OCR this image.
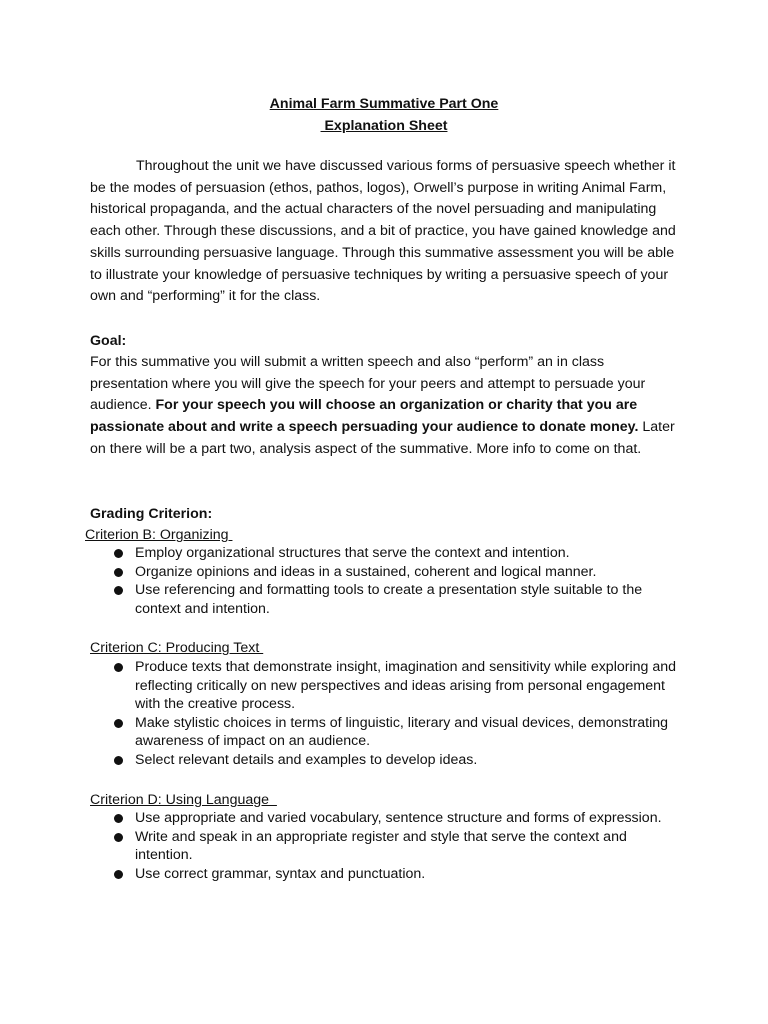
Animal Farm Summative Part One
Explanation Sheet

Throughout the unit we have discussed various forms of persuasive speech whether it be the modes of persuasion (ethos, pathos, logos), Orwell’s purpose in writing Animal Farm, historical propaganda, and the actual characters of the novel persuading and manipulating each other. Through these discussions, and a bit of practice, you have gained knowledge and skills surrounding persuasive language. Through this summative assessment you will be able to illustrate your knowledge of persuasive techniques by writing a persuasive speech of your own and “performing” it for the class.

Goal:

For this summative you will submit a written speech and also “perform” an in class presentation where you will give the speech for your peers and attempt to persuade your audience. For your speech you will choose an organization or charity that you are passionate about and write a speech persuading your audience to donate money. Later on there will be a part two, analysis aspect of the summative. More info to come on that.

Grading Criterion:

Criterion B: Organizing

Employ organizational structures that serve the context and intention.
Organize opinions and ideas in a sustained, coherent and logical manner.
Use referencing and formatting tools to create a presentation style suitable to the context and intention.

Criterion C: Producing Text

Produce texts that demonstrate insight, imagination and sensitivity while exploring and reflecting critically on new perspectives and ideas arising from personal engagement with the creative process.
Make stylistic choices in terms of linguistic, literary and visual devices, demonstrating awareness of impact on an audience.
Select relevant details and examples to develop ideas.

Criterion D: Using Language

Use appropriate and varied vocabulary, sentence structure and forms of expression.
Write and speak in an appropriate register and style that serve the context and intention.
Use correct grammar, syntax and punctuation.
